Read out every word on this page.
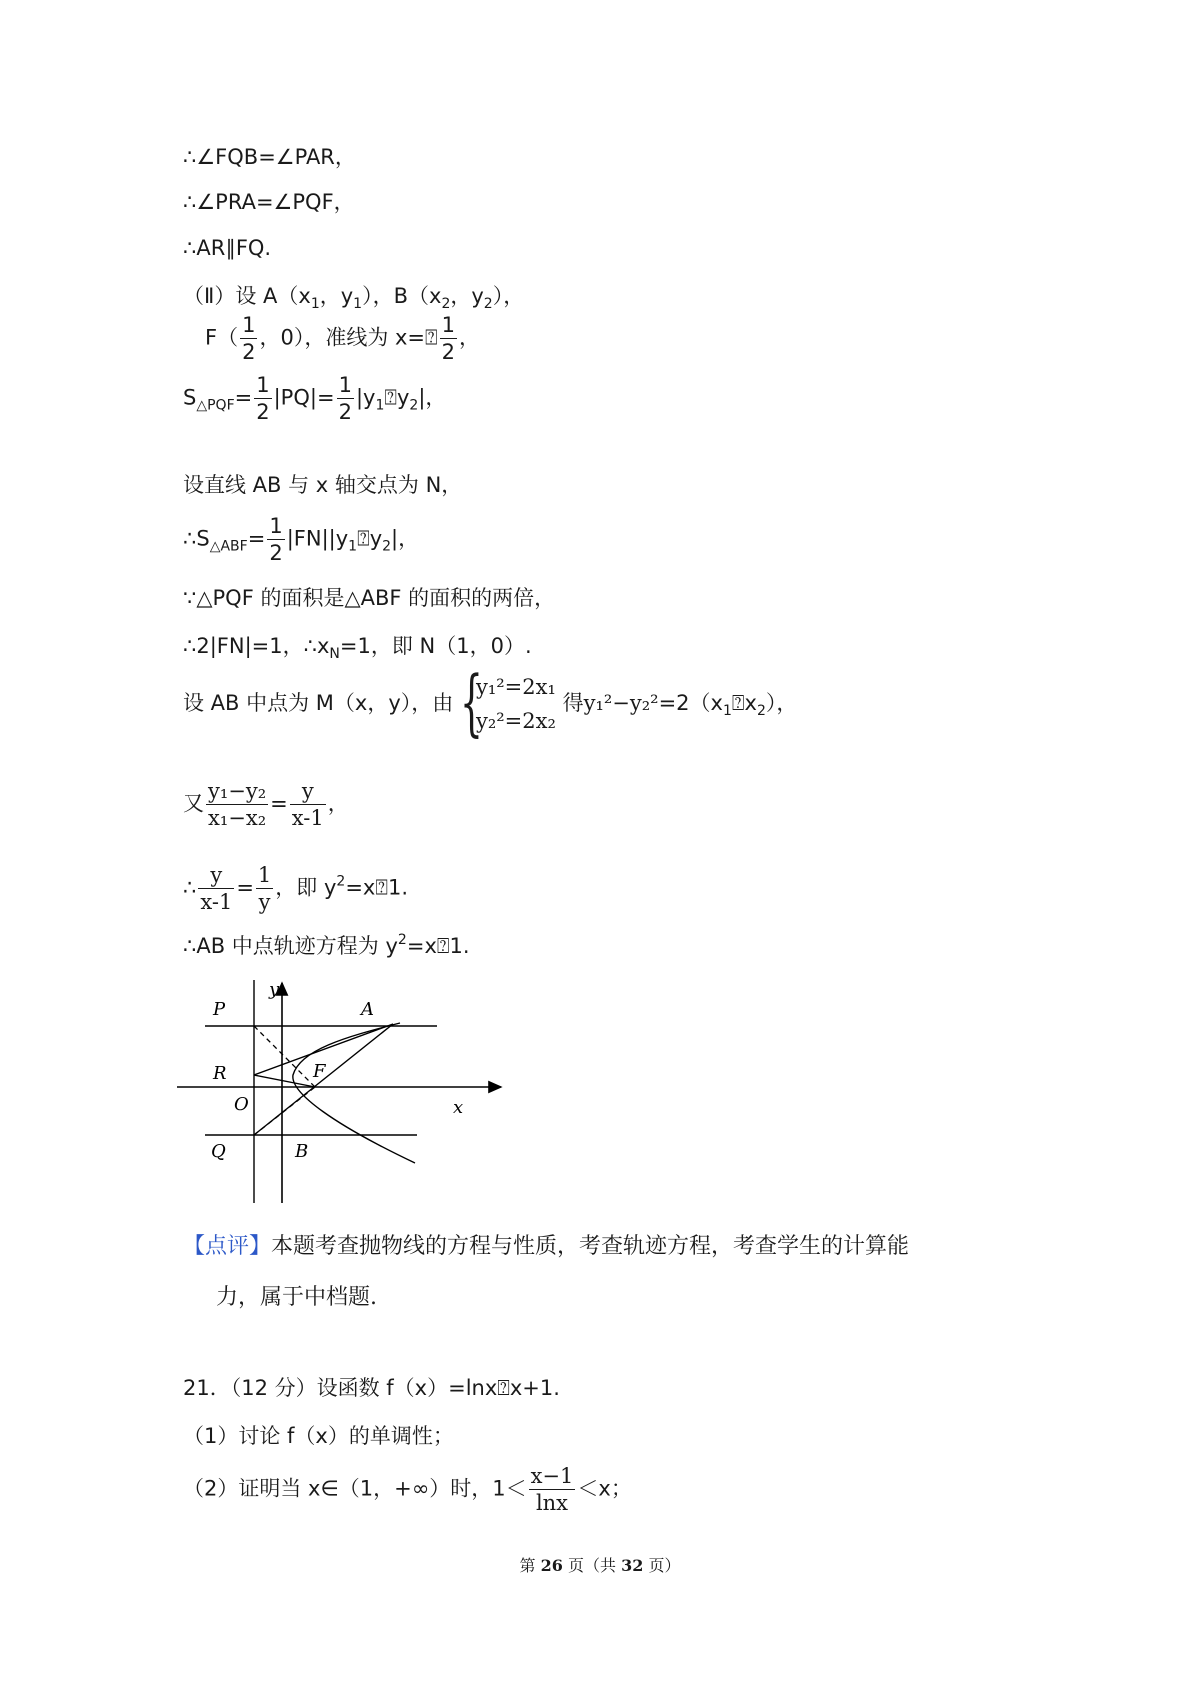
∴∠FQB=∠PAR，
∴∠PRA=∠PQF，
∴AR∥FQ.
（Ⅱ）设 $A(x_1$，$y_1$），$B(x_2$，$y_2$），
$F( \frac{1}{2}$ ，0），准线为 x=⍰ $\frac{1}{2}$ ，
$S_{\triangle PQF}= \frac{1}{2} |PQ|= \frac{1}{2}$ $|y_1⍰y_2|$，
设直线 AB 与 x 轴交点为 N，
$\therefore S_{\triangle ABF}= \frac{1}{2}$ $|FN||y_1⍰y_2|$，
∵△PQF 的面积是△ABF 的面积的两倍，
∴2|FN|=1，$\therefore x_N=1$，即 N（1，0）.
设 AB 中点为 M（x，y），由 {
y₁²=2x₁
y₂²=2x₂
得$y_1^2-y_2^2=2(x_1⍰x_2)$，
又 $\frac{\text{y₁−y₂}}{\text{x₁−x₂}} = \frac{y}{x-1}$ ，
∴ $\frac{y}{x-1} = \frac{1}{y}$ ，即 $y^2=x⍰1$.
∴AB 中点轨迹方程为 $y^2=x⍰1$.
P	A
y
R	F
O	x
Q	B
【点评】本题考查抛物线的方程与性质，考查轨迹方程，考查学生的计算能
力，属于中档题.
21．（12 分）设函数 f（x）=lnx⍰x+1.
（1）讨论 f（x）的单调性；
（2）证明当 x∈（1，+∞）时，$1< \frac{x-1}{\ln x} <x$；
第 26 页（共 32 页）
